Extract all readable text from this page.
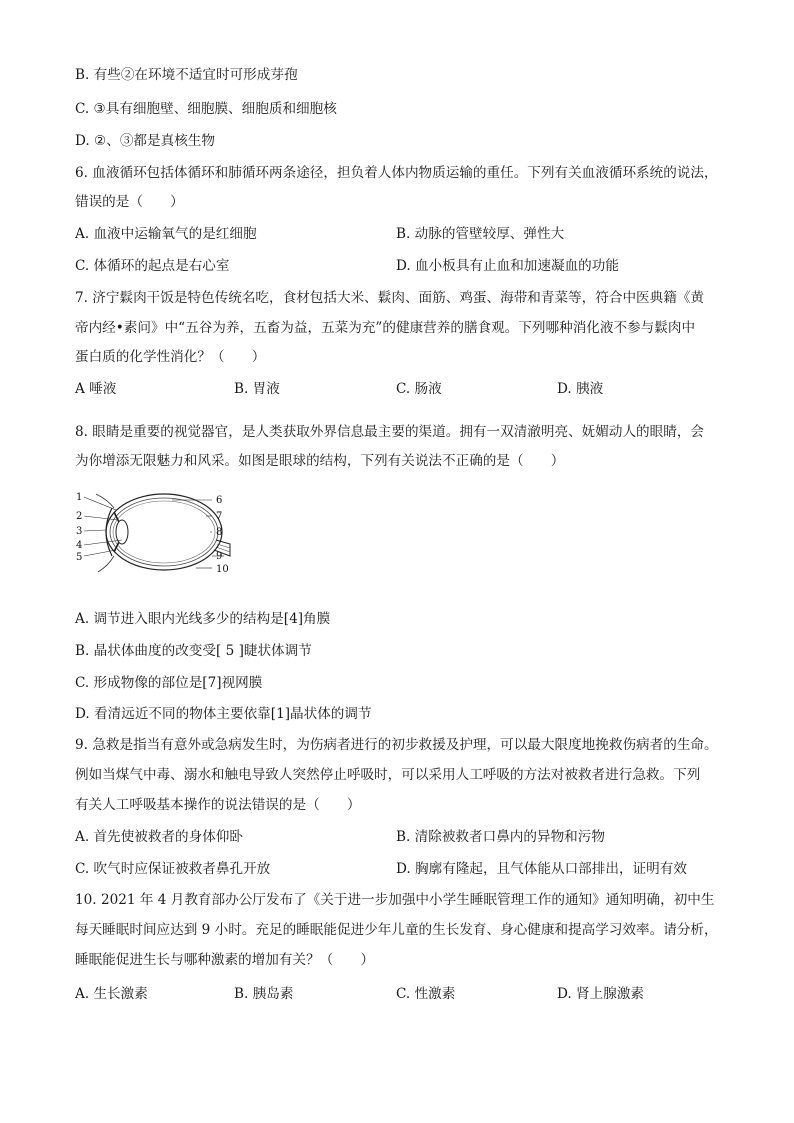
B. 有些②在环境不适宜时可形成芽孢
C. ③具有细胞壁、细胞膜、细胞质和细胞核
D. ②、③都是真核生物
6. 血液循环包括体循环和肺循环两条途径，担负着人体内物质运输的重任。下列有关血液循环系统的说法，
错误的是（　　）
A. 血液中运输氧气的是红细胞	B. 动脉的管壁较厚、弹性大
C. 体循环的起点是右心室	D. 血小板具有止血和加速凝血的功能
7. 济宁鬏肉干饭是特色传统名吃，食材包括大米、鬏肉、面筋、鸡蛋、海带和青菜等，符合中医典籍《黄
帝内经•素问》中“五谷为养，五畜为益，五菜为充”的健康营养的膳食观。下列哪种消化液不参与鬏肉中
蛋白质的化学性消化？（　　）
A 唾液	B. 胃液	C. 肠液	D. 胰液
8. 眼睛是重要的视觉器官，是人类获取外界信息最主要的渠道。拥有一双清澈明亮、妩媚动人的眼睛，会
为你增添无限魅力和风采。如图是眼球的结构，下列有关说法不正确的是（　　）
1
2
3
4
5
6
7
8
9
10
A. 调节进入眼内光线多少的结构是[4]角膜
B. 晶状体曲度的改变受[ 5 ]睫状体调节
C. 形成物像的部位是[7]视网膜
D. 看清远近不同的物体主要依靠[1]晶状体的调节
9. 急救是指当有意外或急病发生时，为伤病者进行的初步救援及护理，可以最大限度地挽救伤病者的生命。
例如当煤气中毒、溺水和触电导致人突然停止呼吸时，可以采用人工呼吸的方法对被救者进行急救。下列
有关人工呼吸基本操作的说法错误的是（　　）
A. 首先使被救者的身体仰卧	B. 清除被救者口鼻内的异物和污物
C. 吹气时应保证被救者鼻孔开放	D. 胸廓有隆起，且气体能从口部排出，证明有效
10. 2021 年 4 月教育部办公厅发布了《关于进一步加强中小学生睡眠管理工作的通知》通知明确，初中生
每天睡眠时间应达到 9 小时。充足的睡眠能促进少年儿童的生长发育、身心健康和提高学习效率。请分析，
睡眠能促进生长与哪种激素的增加有关？（　　）
A. 生长激素	B. 胰岛素	C. 性激素	D. 肾上腺激素
